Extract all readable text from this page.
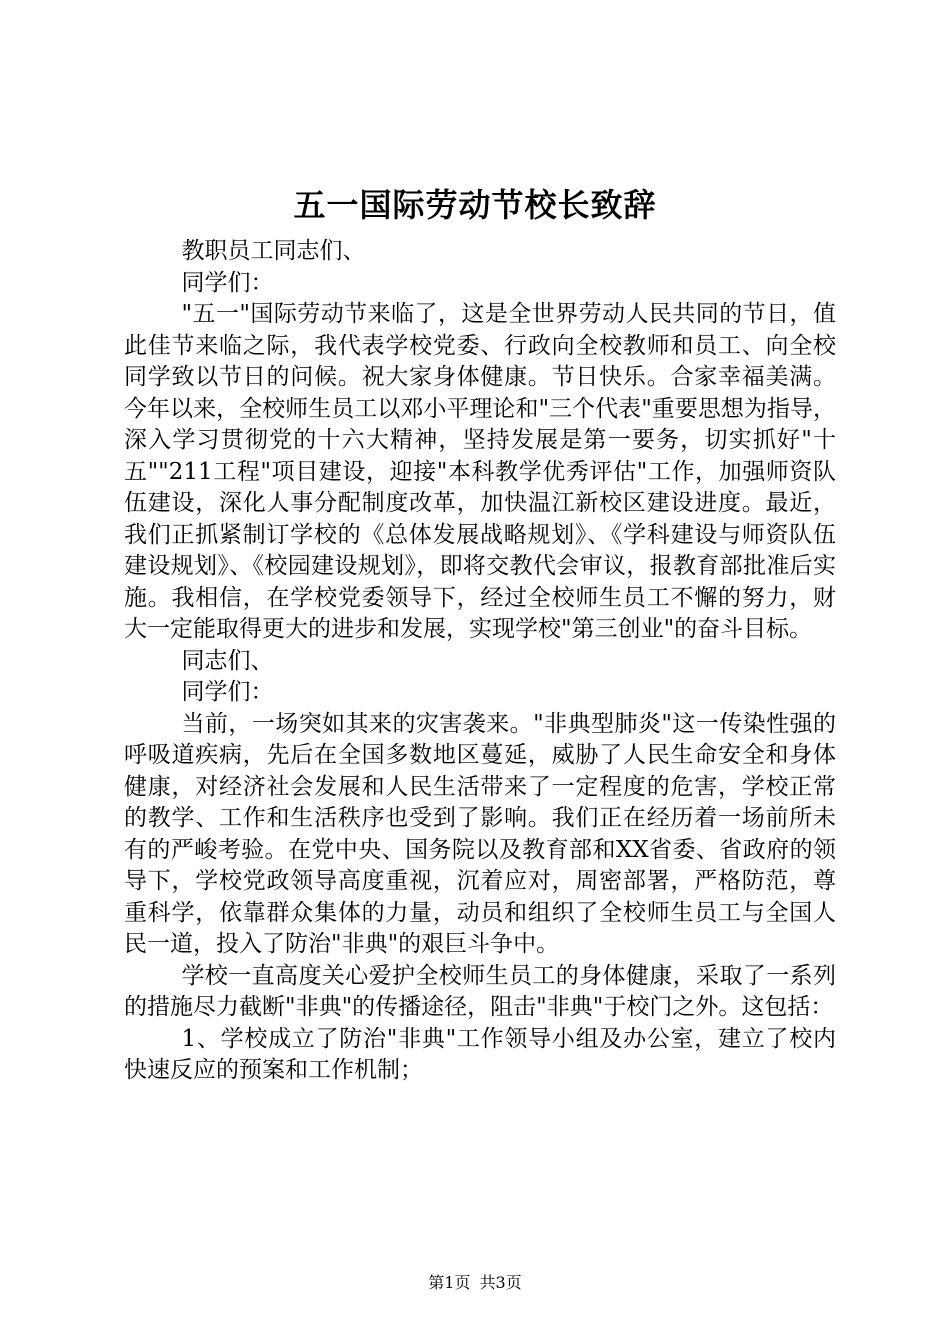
五一国际劳动节校长致辞

教职员工同志们、

同学们：

"五一"国际劳动节来临了，这是全世界劳动人民共同的节日，值此佳节来临之际，我代表学校党委、行政向全校教师和员工、向全校同学致以节日的问候。祝大家身体健康。节日快乐。合家幸福美满。今年以来，全校师生员工以邓小平理论和"三个代表"重要思想为指导，深入学习贯彻党的十六大精神，坚持发展是第一要务，切实抓好"十五""211工程"项目建设，迎接"本科教学优秀评估"工作，加强师资队伍建设，深化人事分配制度改革，加快温江新校区建设进度。最近，我们正抓紧制订学校的《总体发展战略规划》、《学科建设与师资队伍建设规划》、《校园建设规划》，即将交教代会审议，报教育部批准后实施。我相信，在学校党委领导下，经过全校师生员工不懈的努力，财大一定能取得更大的进步和发展，实现学校"第三创业"的奋斗目标。

同志们、

同学们：

当前，一场突如其来的灾害袭来。"非典型肺炎"这一传染性强的呼吸道疾病，先后在全国多数地区蔓延，威胁了人民生命安全和身体健康，对经济社会发展和人民生活带来了一定程度的危害，学校正常的教学、工作和生活秩序也受到了影响。我们正在经历着一场前所未有的严峻考验。在党中央、国务院以及教育部和XX省委、省政府的领导下，学校党政领导高度重视，沉着应对，周密部署，严格防范，尊重科学，依靠群众集体的力量，动员和组织了全校师生员工与全国人民一道，投入了防治"非典"的艰巨斗争中。

学校一直高度关心爱护全校师生员工的身体健康，采取了一系列的措施尽力截断"非典"的传播途径，阻击"非典"于校门之外。这包括：

1、学校成立了防治"非典"工作领导小组及办公室，建立了校内快速反应的预案和工作机制；

第1页 共3页
